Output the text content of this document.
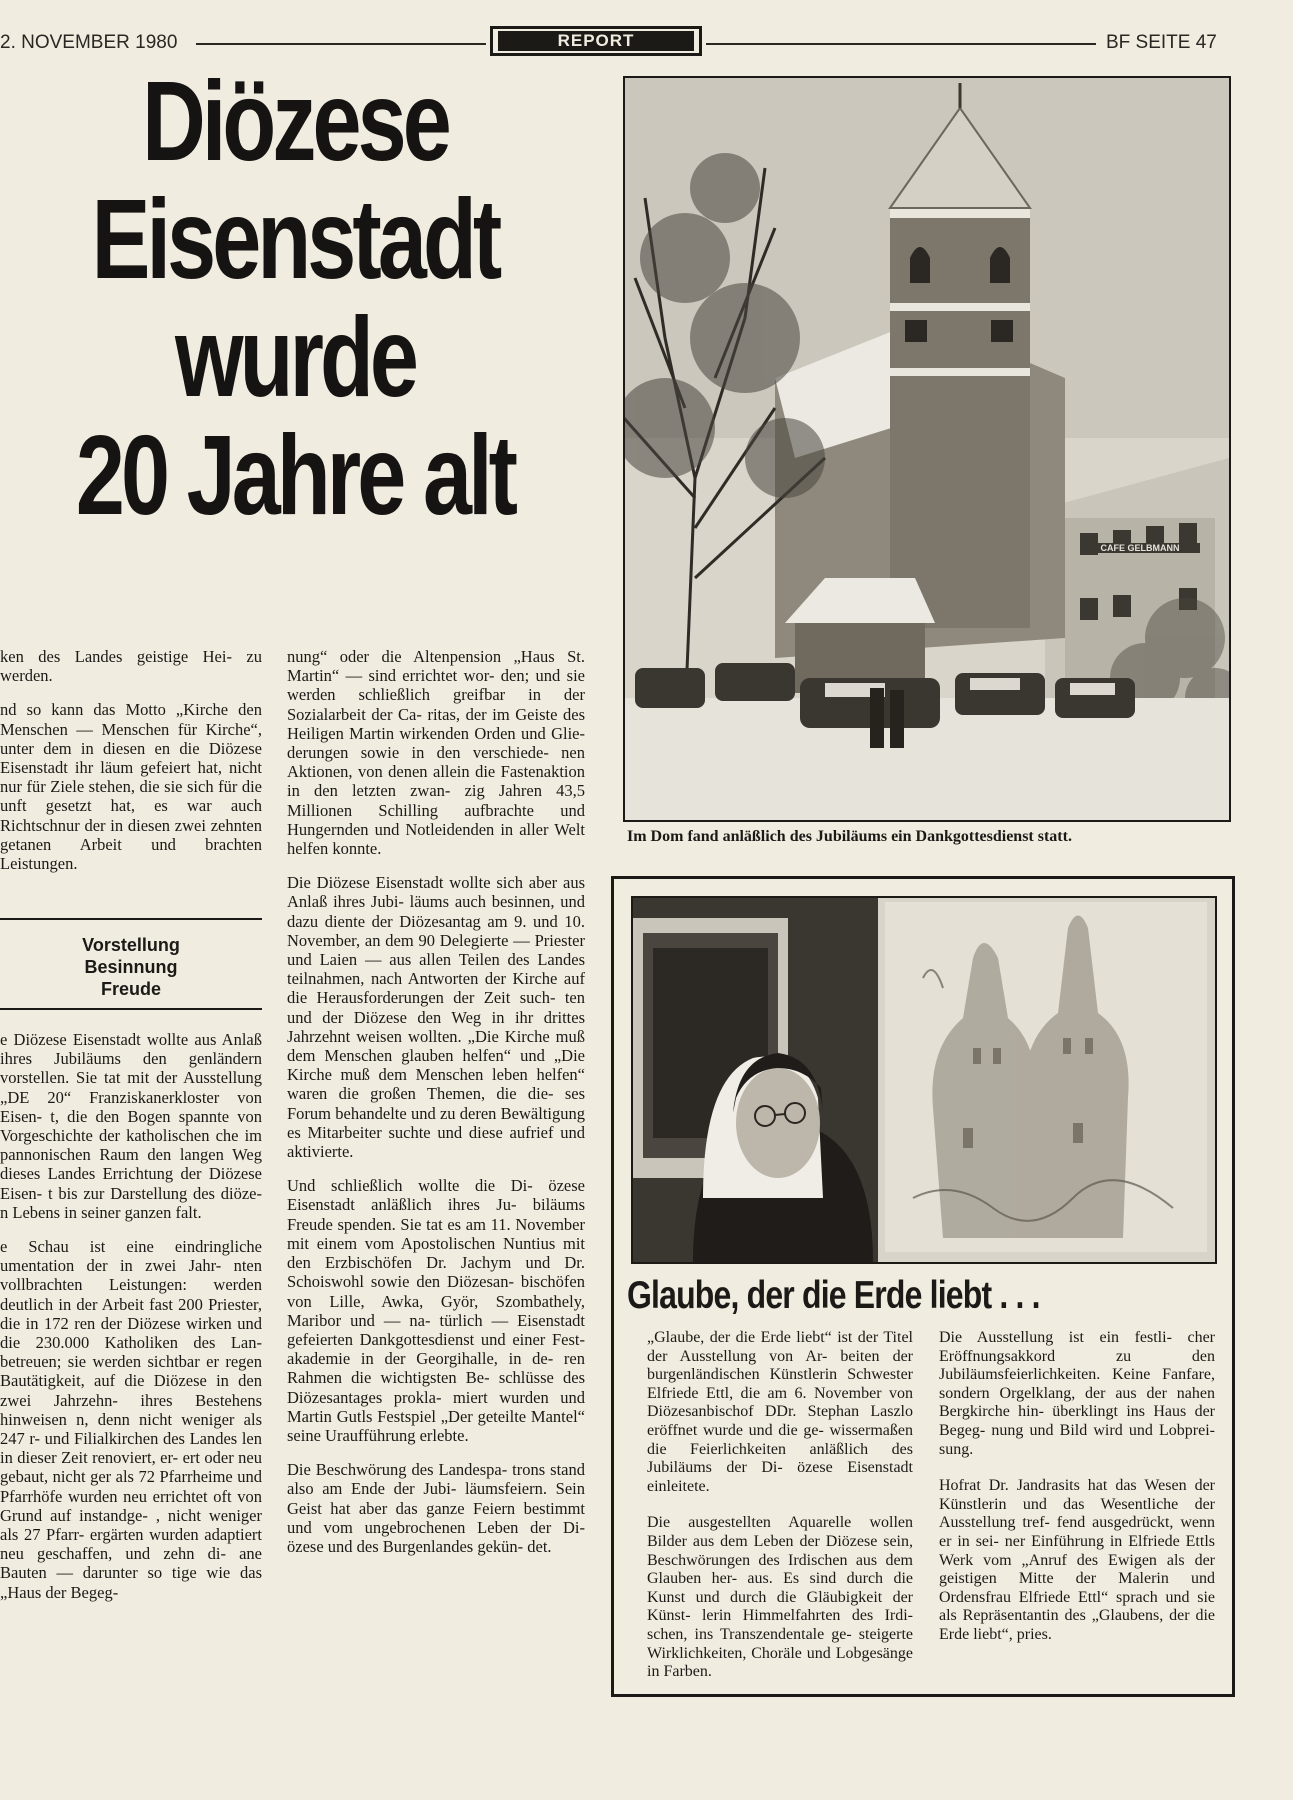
2. NOVEMBER 1980	REPORT	BF SEITE 47
Diözese
Eisenstadt
wurde
20 Jahre alt

ken des Landes geistige Hei- zu werden.

nd so kann das Motto „Kirche den Menschen — Menschen für Kirche“, unter dem in diesen en die Diözese Eisenstadt ihr läum gefeiert hat, nicht nur für Ziele stehen, die sie sich für die unft gesetzt hat, es war auch Richtschnur der in diesen zwei zehnten getanen Arbeit und brachten Leistungen.

Vorstellung
Besinnung
Freude

e Diözese Eisenstadt wollte aus Anlaß ihres Jubiläums den genländern vorstellen. Sie tat mit der Ausstellung „DE 20“ Franziskanerkloster von Eisen- t, die den Bogen spannte von Vorgeschichte der katholischen che im pannonischen Raum den langen Weg dieses Landes Errichtung der Diözese Eisen- t bis zur Darstellung des diöze- n Lebens in seiner ganzen falt.

e Schau ist eine eindringliche umentation der in zwei Jahr- nten vollbrachten Leistungen: werden deutlich in der Arbeit fast 200 Priester, die in 172 ren der Diözese wirken und die 230.000 Katholiken des Lan- betreuen; sie werden sichtbar er regen Bautätigkeit, auf die Diözese in den zwei Jahrzehn- ihres Bestehens hinweisen n, denn nicht weniger als 247 r- und Filialkirchen des Landes len in dieser Zeit renoviert, er- ert oder neu gebaut, nicht ger als 72 Pfarrheime und Pfarrhöfe wurden neu errichtet oft von Grund auf instandge- , nicht weniger als 27 Pfarr- ergärten wurden adaptiert neu geschaffen, und zehn di- ane Bauten — darunter so tige wie das „Haus der Begeg-

nung“ oder die Altenpension „Haus St. Martin“ — sind errichtet wor- den; und sie werden schließlich greifbar in der Sozialarbeit der Ca- ritas, der im Geiste des Heiligen Martin wirkenden Orden und Glie- derungen sowie in den verschiede- nen Aktionen, von denen allein die Fastenaktion in den letzten zwan- zig Jahren 43,5 Millionen Schilling aufbrachte und Hungernden und Notleidenden in aller Welt helfen konnte.

Die Diözese Eisenstadt wollte sich aber aus Anlaß ihres Jubi- läums auch besinnen, und dazu diente der Diözesantag am 9. und 10. November, an dem 90 Delegierte — Priester und Laien — aus allen Teilen des Landes teilnahmen, nach Antworten der Kirche auf die Herausforderungen der Zeit such- ten und der Diözese den Weg in ihr drittes Jahrzehnt weisen wollten. „Die Kirche muß dem Menschen glauben helfen“ und „Die Kirche muß dem Menschen leben helfen“ waren die großen Themen, die die- ses Forum behandelte und zu deren Bewältigung es Mitarbeiter suchte und diese aufrief und aktivierte.

Und schließlich wollte die Di- özese Eisenstadt anläßlich ihres Ju- biläums Freude spenden. Sie tat es am 11. November mit einem vom Apostolischen Nuntius mit den Erzbischöfen Dr. Jachym und Dr. Schoiswohl sowie den Diözesan- bischöfen von Lille, Awka, Györ, Szombathely, Maribor und — na- türlich — Eisenstadt gefeierten Dankgottesdienst und einer Fest- akademie in der Georgihalle, in de- ren Rahmen die wichtigsten Be- schlüsse des Diözesantages prokla- miert wurden und Martin Gutls Festspiel „Der geteilte Mantel“ seine Uraufführung erlebte.

Die Beschwörung des Landespa- trons stand also am Ende der Jubi- läumsfeiern. Sein Geist hat aber das ganze Feiern bestimmt und vom ungebrochenen Leben der Di- özese und des Burgenlandes gekün- det.

CAFE GELBMANN
Im Dom fand anläßlich des Jubiläums ein Dankgottesdienst statt.
Glaube, der die Erde liebt . . .

„Glaube, der die Erde liebt“ ist der Titel der Ausstellung von Ar- beiten der burgenländischen Künstlerin Schwester Elfriede Ettl, die am 6. November von Diözesanbischof DDr. Stephan Laszlo eröffnet wurde und die ge- wissermaßen die Feierlichkeiten anläßlich des Jubiläums der Di- özese Eisenstadt einleitete.

Die ausgestellten Aquarelle wollen Bilder aus dem Leben der Diözese sein, Beschwörungen des Irdischen aus dem Glauben her- aus. Es sind durch die Kunst und durch die Gläubigkeit der Künst- lerin Himmelfahrten des Irdi- schen, ins Transzendentale ge- steigerte Wirklichkeiten, Choräle und Lobgesänge in Farben.

Die Ausstellung ist ein festli- cher Eröffnungsakkord zu den Jubiläumsfeierlichkeiten. Keine Fanfare, sondern Orgelklang, der aus der nahen Bergkirche hin- überklingt ins Haus der Begeg- nung und Bild wird und Lobprei- sung.

Hofrat Dr. Jandrasits hat das Wesen der Künstlerin und das Wesentliche der Ausstellung tref- fend ausgedrückt, wenn er in sei- ner Einführung in Elfriede Ettls Werk vom „Anruf des Ewigen als der geistigen Mitte der Malerin und Ordensfrau Elfriede Ettl“ sprach und sie als Repräsentantin des „Glaubens, der die Erde liebt“, pries.
